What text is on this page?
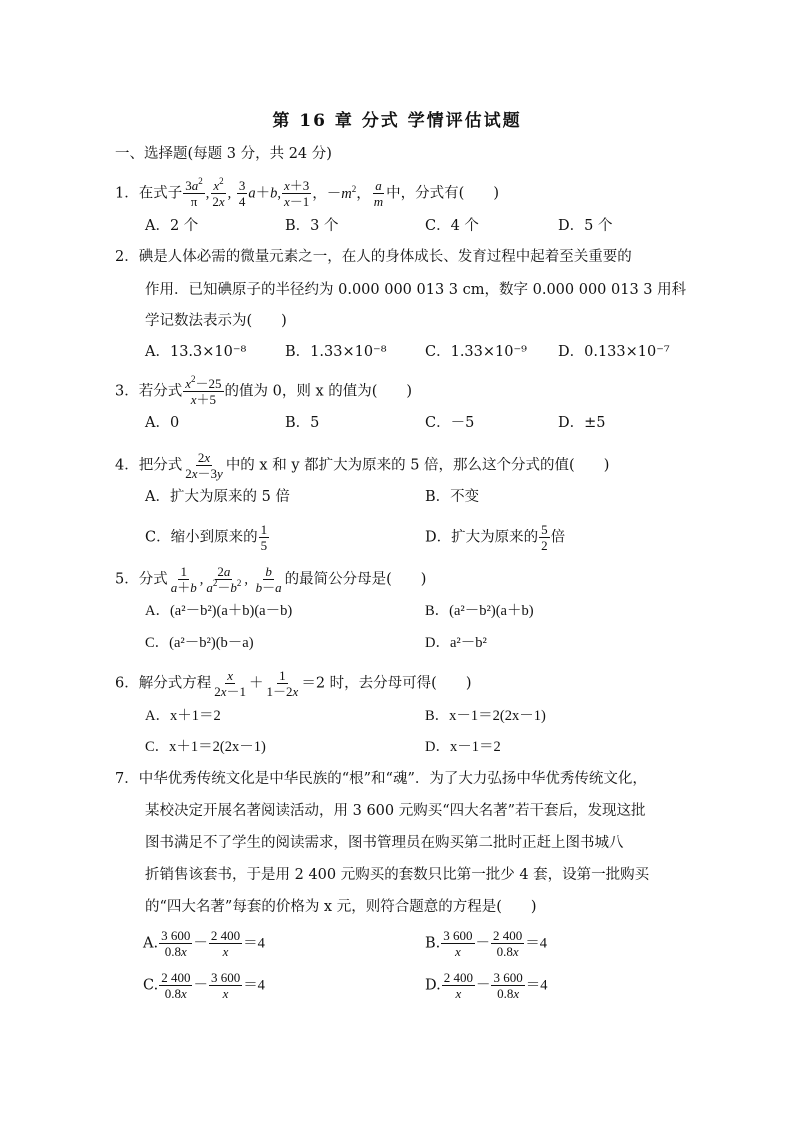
第 16 章 分式 学情评估试题
一、选择题(每题 3 分，共 24 分)
1．在式子 $\frac{3a^2}{\pi}$ , $\frac{x^2}{2x}$ , $\frac{3}{4} a+b$, $\frac{x+3}{x-1}$ ，$-m^2$， $\frac{a}{m}$ 中，分式有(　　)
A．2 个	B．3 个	C．4 个	D．5 个
2．碘是人体必需的微量元素之一，在人的身体成长、发育过程中起着至关重要的
作用．已知碘原子的半径约为 0.000 000 013 3 cm，数字 0.000 000 013 3 用科
学记数法表示为(　　)
A．13.3×10⁻⁸	B．1.33×10⁻⁸	C．1.33×10⁻⁹ D．0.133×10⁻⁷
3．若分式 $\frac{x^2-25}{x+5}$ 的值为 0，则 x 的值为(　　)
A．0	B．5	C．－5	D．±5
4．把分式 $\frac{2x}{2x-3y}$ 中的 x 和 y 都扩大为原来的 5 倍，那么这个分式的值(　　)
A．扩大为原来的 5 倍	B．不变
C．缩小到原来的 $\frac{1}{5}$	D．扩大为原来的 $\frac{5}{2}$ 倍
5．分式 $\frac{1}{a+b}$ , $\frac{2a}{a^2-b^2}$ , $\frac{b}{b-a}$ 的最简公分母是(　　)
A．(a²－b²)(a＋b)(a－b)	B．(a²－b²)(a＋b)
C．(a²－b²)(b－a)	D．a²－b²
6．解分式方程 $\frac{x}{2x-1} + \frac{1}{1-2x} =2$ 时，去分母可得(　　)
A．x＋1＝2	B．x－1＝2(2x－1)
C．x＋1＝2(2x－1)	D．x－1＝2
7．中华优秀传统文化是中华民族的“根”和“魂”．为了大力弘扬中华优秀传统文化，
某校决定开展名著阅读活动，用 3 600 元购买“四大名著”若干套后，发现这批
图书满足不了学生的阅读需求，图书管理员在购买第二批时正赶上图书城八
折销售该套书，于是用 2 400 元购买的套数只比第一批少 4 套，设第一批购买
的“四大名著”每套的价格为 x 元，则符合题意的方程是(　　)
A. $\frac{3 600}{0.8x} - \frac{2 400}{x} =4$	B. $\frac{3 600}{x} - \frac{2 400}{0.8x} =4$
C. $\frac{2 400}{0.8x} - \frac{3 600}{x} =4$	D. $\frac{2 400}{x} - \frac{3 600}{0.8x} =4$
